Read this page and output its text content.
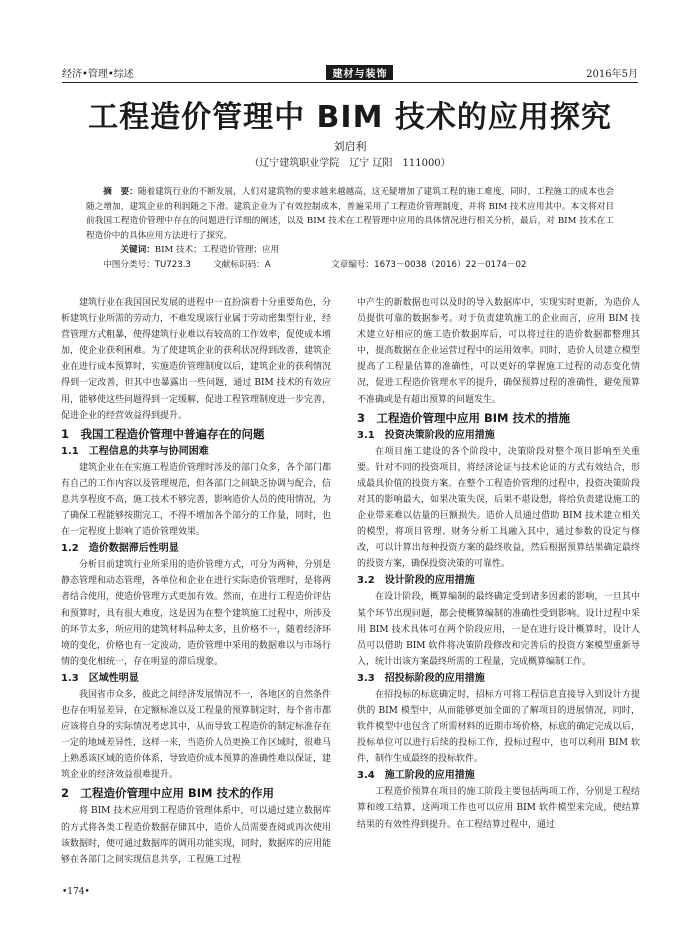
经济•管理•综述	建材与装饰	2016年5月
工程造价管理中 BIM 技术的应用探究
刘启利
（辽宁建筑职业学院　辽宁 辽阳　111000）

摘　要：随着建筑行业的不断发展，人们对建筑物的要求越来越越高，这无疑增加了建筑工程的施工难度，同时，工程施工的成本也会随之增加，建筑企业的利润随之下滑。建筑企业为了有效控制成本，普遍采用了工程造价管理制度，并将 BIM 技术应用其中。本文将对目前我国工程造价管理中存在的问题进行详细的阐述，以及 BIM 技术在工程管理中应用的具体情况进行相关分析，最后，对 BIM 技术在工程造价中的具体应用方法进行了探究。

关键词：BIM 技术；工程造价管理；应用

中图分类号：TU723.3	文献标识码：A	文章编号：1673－0038（2016）22－0174－02

建筑行业在我国国民发展的进程中一直扮演着十分重要角色，分析建筑行业所需的劳动力，不难发现该行业属于劳动密集型行业，经营管理方式粗暴，使得建筑行业难以有较高的工作效率，促使成本增加，使企业获利困难。为了使建筑企业的获利状况得到改善，建筑企业在进行成本预算时，实施造价管理制度以后，建筑企业的获利情况得到一定改善，但其中也暴露出一些问题，通过 BIM 技术的有效应用，能够使这些问题得到一定缓解，促进工程管理制度进一步完善，促进企业的经营效益得到提升。

1　我国工程造价管理中普遍存在的问题
1.1　工程信息的共享与协同困难

建筑企业在在实施工程造价管理时涉及的部门众多，各个部门都有自己的工作内容以及管理规范，但各部门之间缺乏协调与配合，信息共享程度不高，施工技术不够完善，影响造价人员的使用情况，为了确保工程能够按期完工，不得不增加各个部分的工作量，同时，也在一定程度上影响了造价管理效果。

1.2　造价数据滞后性明显

分析目前建筑行业所采用的造价管理方式，可分为两种，分别是静态管理和动态管理，各单位和企业在进行实际造价管理时，是将两者结合使用，使造价管理方式更加有效。然而，在进行工程造价评估和预算时，具有很大难度，这是因为在整个建筑施工过程中，所涉及的环节太多，所应用的建筑材料品种太多，且价格不一，随着经济环境的变化，价格也有一定波动，造价管理中采用的数据难以与市场行情的变化相统一，存在明显的滞后现象。

1.3　区域性明显

我国省市众多，彼此之间经济发展情况不一，各地区的自然条件也存在明显差异，在定额标准以及工程量的预算制定时，每个省市都应该将自身的实际情况考虑其中，从而导致工程造价的制定标准存在一定的地域差异性，这样一来，当造价人员更换工作区域时，很难马上熟悉该区域的造价体系，导致造价成本预算的准确性难以保证，建筑企业的经济效益很难提升。

2　工程造价管理中应用 BIM 技术的作用

将 BIM 技术应用到工程造价管理体系中，可以通过建立数据库的方式将各类工程造价数据存储其中，造价人员需要查阅或再次使用该数据时，便可通过数据库的调用功能实现，同时，数据库的应用能够在各部门之间实现信息共享，工程施工过程

中产生的新数据也可以及时的导入数据库中，实现实时更新，为造价人员提供可靠的数据参考。对于负责建筑施工的企业而言，应用 BIM 技术建立好相应的施工造价数据库后，可以将过往的造价数据都整理其中，提高数据在企业运营过程中的运用效率。同时，造价人员建立模型提高了工程量估算的准确性，可以更好的掌握施工过程的动态变化情况，促进工程造价管理水平的提升，确保预算过程的准确性，避免预算不准确或是有超出预算的问题发生。

3　工程造价管理中应用 BIM 技术的措施
3.1　投资决策阶段的应用措施

在项目施工建设的各个阶段中，决策阶段对整个项目影响至关重要。针对不同的投资项目，将经济论证与技术论证的方式有效结合，形成最具价值的投资方案。在整个工程造价管理的过程中，投资决策阶段对其的影响最大，如果决策失误，后果不堪设想，将给负责建设施工的企业带来难以估量的巨额损失。造价人员通过借助 BIM 技术建立相关的模型，将项目管理、财务分析工具融入其中，通过参数的设定与修改，可以计算出每种投资方案的最终收益，然后根据预算结果确定最终的投资方案，确保投资决策的可靠性。

3.2　设计阶段的应用措施

在设计阶段，概算编制的最终确定受到诸多因素的影响，一旦其中某个环节出现问题，都会使概算编制的准确性受到影响。设计过程中采用 BIM 技术具体可在两个阶段应用，一是在进行设计概算时，设计人员可以借助 BIM 软件将决策阶段修改和完善后的投资方案模型重新导入，统计出该方案最终所需的工程量，完成概算编制工作。

3.3　招投标阶段的应用措施

在招投标的标底确定时，招标方可将工程信息直接导入到设计方提供的 BIM 模型中，从而能够更加全面的了解项目的进展情况，同时，软件模型中也包含了所需材料的近期市场价格，标底的确定完成以后，投标单位可以进行后续的投标工作，投标过程中，也可以利用 BIM 软件，制作生成最终的投标软件。

3.4　施工阶段的应用措施

工程造价预算在项目的施工阶段主要包括两项工作，分别是工程结算和竣工结算，这两项工作也可以应用 BIM 软件模型来完成，使结算结果的有效性得到提升。在工程结算过程中，通过

•174•
